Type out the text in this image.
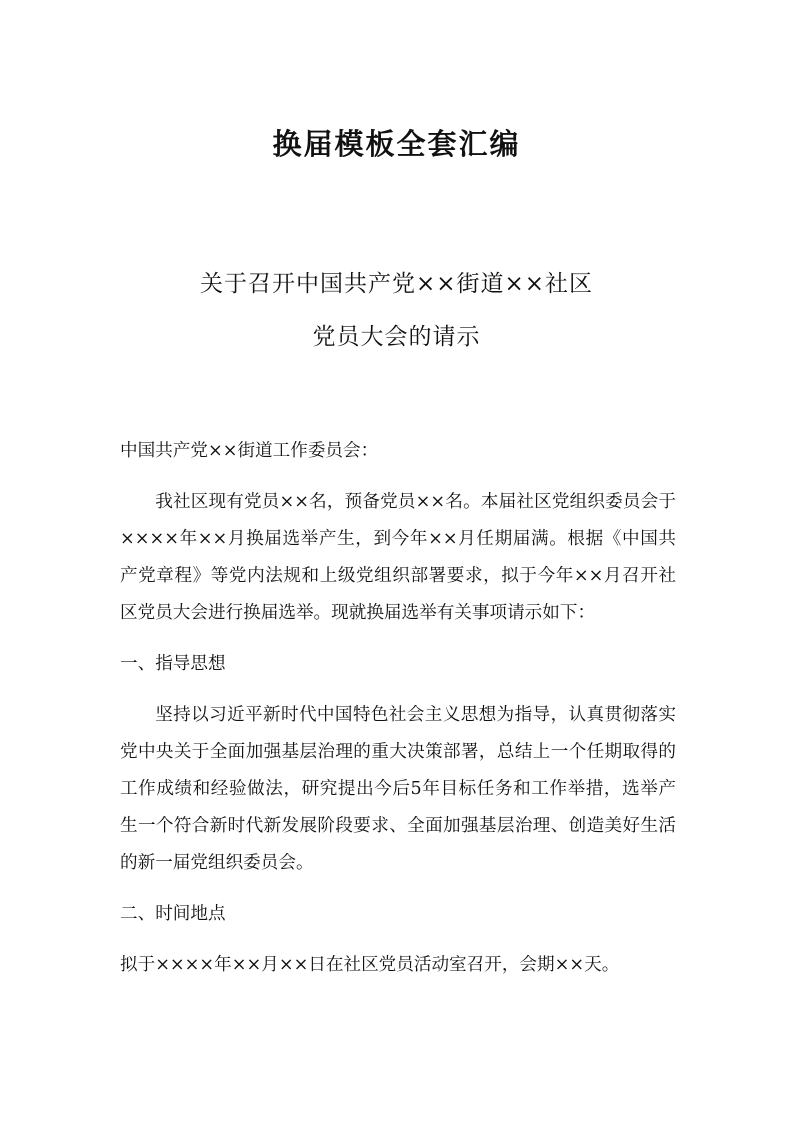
换届模板全套汇编
关于召开中国共产党××街道××社区
党员大会的请示

中国共产党××街道工作委员会：

我社区现有党员××名，预备党员××名。本届社区党组织委员会于××××年××月换届选举产生，到今年××月任期届满。根据《中国共产党章程》等党内法规和上级党组织部署要求，拟于今年××月召开社区党员大会进行换届选举。现就换届选举有关事项请示如下：

一、指导思想

坚持以习近平新时代中国特色社会主义思想为指导，认真贯彻落实党中央关于全面加强基层治理的重大决策部署，总结上一个任期取得的工作成绩和经验做法，研究提出今后5年目标任务和工作举措，选举产生一个符合新时代新发展阶段要求、全面加强基层治理、创造美好生活的新一届党组织委员会。

二、时间地点

拟于××××年××月××日在社区党员活动室召开，会期××天。
